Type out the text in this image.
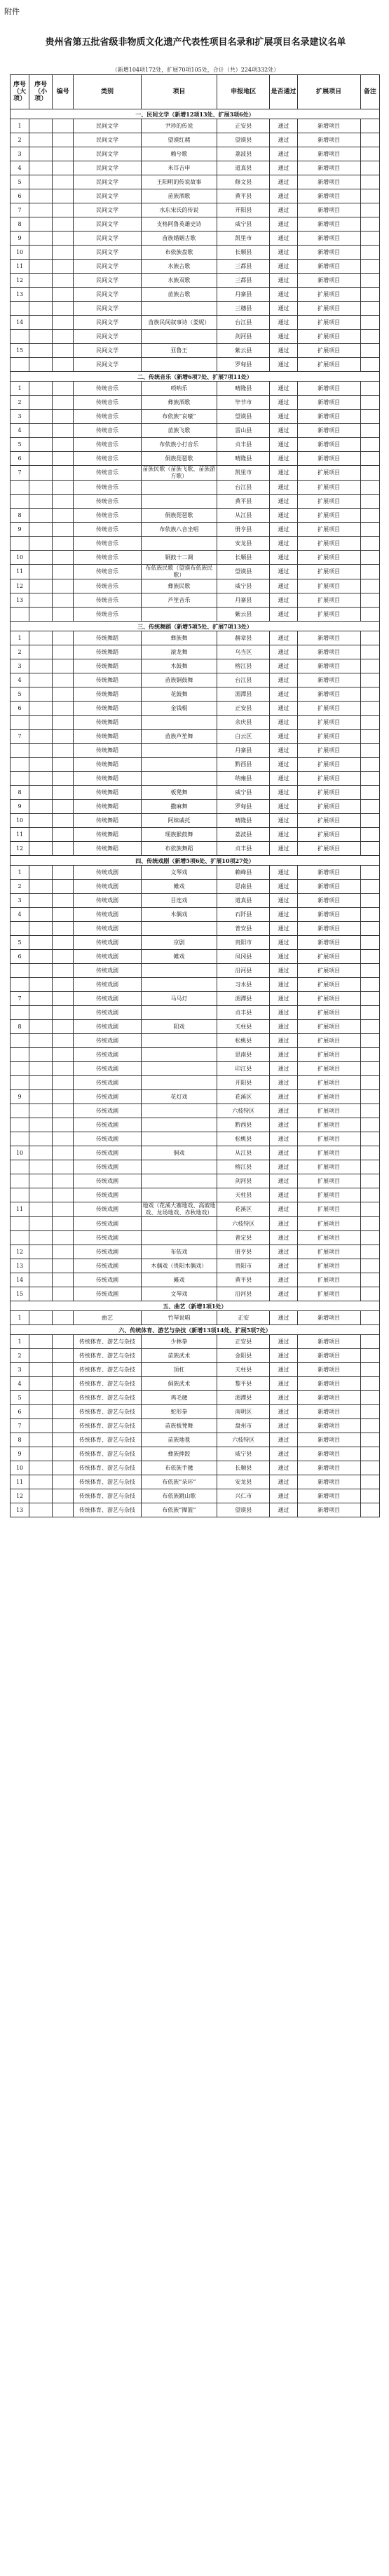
附件
贵州省第五批省级非物质文化遗产代表性项目名录和扩展项目名录建议名单
（新增104项172处，扩展70项105处，合计（共）224项332处）
序号（大项）	序号（小项）	编号	类别	项目	申报地区	是否通过	扩展项目	备注
一、民间文学（新增12项13处、扩展3项6处）								
1			民间文学	尹珍的传说	正安县	通过	新增项目	
2			民间文学	望谟红赭	望谟县	通过	新增项目	
3			民间文学	赖兮歌	荔波县	通过	新增项目	
4			民间文学	米耳吉申	道真县	通过	新增项目	
5			民间文学	王阳明的传说故事	修文县	通过	新增项目	
6			民间文学	苗族酒歌	黄平县	通过	新增项目	
7			民间文学	水东宋氏的传说	开阳县	通过	新增项目	
8			民间文学	支格阿鲁英雄史诗	威宁县	通过	新增项目	
9			民间文学	苗族婚姻古歌	凯里市	通过	新增项目	
10			民间文学	布依族盘歌	长顺县	通过	新增项目	
11			民间文学	水族古歌	三都县	通过	新增项目	
12			民间文学	水族双歌	三都县	通过	新增项目	
13			民间文学	苗族古歌	丹寨县	通过	扩展项目	
			民间文学		三穗县	通过	扩展项目	
14			民间文学	苗族民间叙事诗（娄妮）	台江县	通过	扩展项目	
			民间文学		剑河县	通过	扩展项目	
15			民间文学	亚鲁王	紫云县	通过	扩展项目	
			民间文学		罗甸县	通过	扩展项目	
二、传统音乐（新增6项7处、扩展7项11处）								
1			传统音乐	唢呐乐	晴隆县	通过	新增项目	
2			传统音乐	彝族酒歌	毕节市	通过	新增项目	
3			传统音乐	布依族“哀嚎”	望谟县	通过	新增项目	
4			传统音乐	苗族飞歌	雷山县	通过	新增项目	
5			传统音乐	布依族小打音乐	贞丰县	通过	新增项目	
6			传统音乐	侗族琵琶歌	晴隆县	通过	新增项目	
7			传统音乐	苗族民歌（苗族飞歌、苗族游方歌）	凯里市	通过	扩展项目	
			传统音乐		台江县	通过	扩展项目	
			传统音乐		黄平县	通过	扩展项目	
8			传统音乐	侗族琵琶歌	从江县	通过	扩展项目	
9			传统音乐	布依族八音坐唱	册亨县	通过	扩展项目	
			传统音乐		安龙县	通过	扩展项目	
10			传统音乐	铜鼓十二调	长顺县	通过	扩展项目	
11			传统音乐	布依族民歌（望谟布依族民歌）	望谟县	通过	扩展项目	
12			传统音乐	彝族民歌	威宁县	通过	扩展项目	
13			传统音乐	芦笙音乐	丹寨县	通过	扩展项目	
			传统音乐		紫云县	通过	扩展项目	
三、传统舞蹈（新增5项5处、扩展7项13处）								
1			传统舞蹈	彝族舞	赫章县	通过	新增项目	
2			传统舞蹈	滚龙舞	乌当区	通过	新增项目	
3			传统舞蹈	木鼓舞	榕江县	通过	新增项目	
4			传统舞蹈	苗族铜鼓舞	台江县	通过	新增项目	
5			传统舞蹈	花鼓舞	湄潭县	通过	新增项目	
6			传统舞蹈	金钱棍	正安县	通过	扩展项目	
			传统舞蹈		余庆县	通过	扩展项目	
7			传统舞蹈	苗族芦笙舞	白云区	通过	扩展项目	
			传统舞蹈		丹寨县	通过	扩展项目	
			传统舞蹈		黔西县	通过	扩展项目	
			传统舞蹈		纳雍县	通过	扩展项目	
8			传统舞蹈	板凳舞	威宁县	通过	扩展项目	
9			传统舞蹈	撒麻舞	罗甸县	通过	扩展项目	
10			传统舞蹈	阿妹戚托	晴隆县	通过	扩展项目	
11			传统舞蹈	瑶族猴鼓舞	荔波县	通过	扩展项目	
12			传统舞蹈	布依族舞蹈	贞丰县	通过	扩展项目	
四、传统戏剧（新增5项6处、扩展10项27处）								
1			传统戏剧	文琴戏	赖峰县	通过	新增项目	
2			传统戏剧	傩戏	思南县	通过	新增项目	
3			传统戏剧	目连戏	道真县	通过	新增项目	
4			传统戏剧	木偶戏	石阡县	通过	新增项目	
			传统戏剧		普安县	通过	新增项目	
5			传统戏剧	京剧	贵阳市	通过	新增项目	
6			传统戏剧	傩戏	凤冈县	通过	扩展项目	
			传统戏剧		沿河县	通过	扩展项目	
			传统戏剧		习水县	通过	扩展项目	
7			传统戏剧	马马灯	湄潭县	通过	扩展项目	
			传统戏剧		贞丰县	通过	扩展项目	
8			传统戏剧	阳戏	天柱县	通过	扩展项目	
			传统戏剧		松桃县	通过	扩展项目	
			传统戏剧		思南县	通过	扩展项目	
			传统戏剧		印江县	通过	扩展项目	
			传统戏剧		开阳县	通过	扩展项目	
9			传统戏剧	花灯戏	花溪区	通过	扩展项目	
			传统戏剧		六枝特区	通过	扩展项目	
			传统戏剧		黔西县	通过	扩展项目	
			传统戏剧		松桃县	通过	扩展项目	
10			传统戏剧	侗戏	从江县	通过	扩展项目	
			传统戏剧		榕江县	通过	扩展项目	
			传统戏剧		剑河县	通过	扩展项目	
			传统戏剧		天柱县	通过	扩展项目	
11			传统戏剧	地戏（花溪大寨地戏、高坡地戏、龙场地戏、赤秋地戏）	花溪区	通过	扩展项目	
			传统戏剧		六枝特区	通过	扩展项目	
			传统戏剧		普定县	通过	扩展项目	
12			传统戏剧	布依戏	册亨县	通过	扩展项目	
13			传统戏剧	木偶戏（贵阳木偶戏）	贵阳市	通过	扩展项目	
14			传统戏剧	傩戏	黄平县	通过	扩展项目	
15			传统戏剧	文琴戏	沿河县	通过	扩展项目	
五、曲艺（新增1项1处）								
1			曲艺	竹琴说唱	正安	通过	新增项目	
六、传统体育、游艺与杂技（新增13项14处、扩展5项7处）								
1			传统体育、游艺与杂技	少林拳	正安县	通过	新增项目	
2			传统体育、游艺与杂技	苗族武术	金阳县	通过	新增项目	
3			传统体育、游艺与杂技	顶杠	天柱县	通过	新增项目	
4			传统体育、游艺与杂技	侗族武术	黎平县	通过	新增项目	
5			传统体育、游艺与杂技	鸡毛毽	湄潭县	通过	新增项目	
6			传统体育、游艺与杂技	蛇形拳	南明区	通过	新增项目	
7			传统体育、游艺与杂技	苗族板凳舞	盘州市	通过	新增项目	
8			传统体育、游艺与杂技	苗族地毯	六枝特区	通过	新增项目	
9			传统体育、游艺与杂技	彝族摔跤	威宁县	通过	新增项目	
10			传统体育、游艺与杂技	布依族手毽	长顺县	通过	新增项目	
11			传统体育、游艺与杂技	布依族“朵环”	安龙县	通过	新增项目	
12			传统体育、游艺与杂技	布依族跳山歌	兴仁市	通过	新增项目	
13			传统体育、游艺与杂技	布依族“撵篮”	望谟县	通过	新增项目	
